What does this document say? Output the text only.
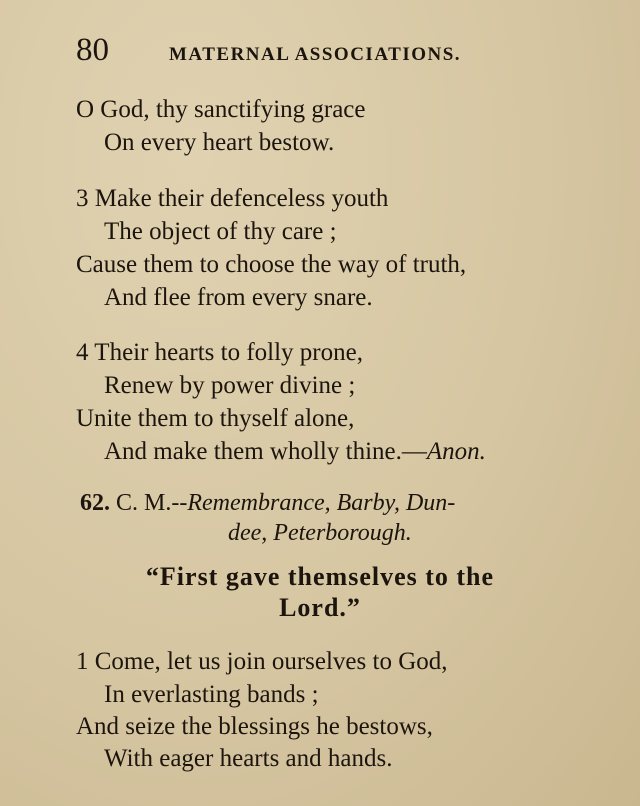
80	MATERNAL ASSOCIATIONS.
O God, thy sanctifying grace
On every heart bestow.
3 Make their defenceless youth
The object of thy care ;
Cause them to choose the way of truth,
And flee from every snare.
4 Their hearts to folly prone,
Renew by power divine ;
Unite them to thyself alone,
And make them wholly thine.—Anon.
62. C. M.--Remembrance, Barby, Dun-
dee, Peterborough.
“First gave themselves to the
Lord.”
1 Come, let us join ourselves to God,
In everlasting bands ;
And seize the blessings he bestows,
With eager hearts and hands.
